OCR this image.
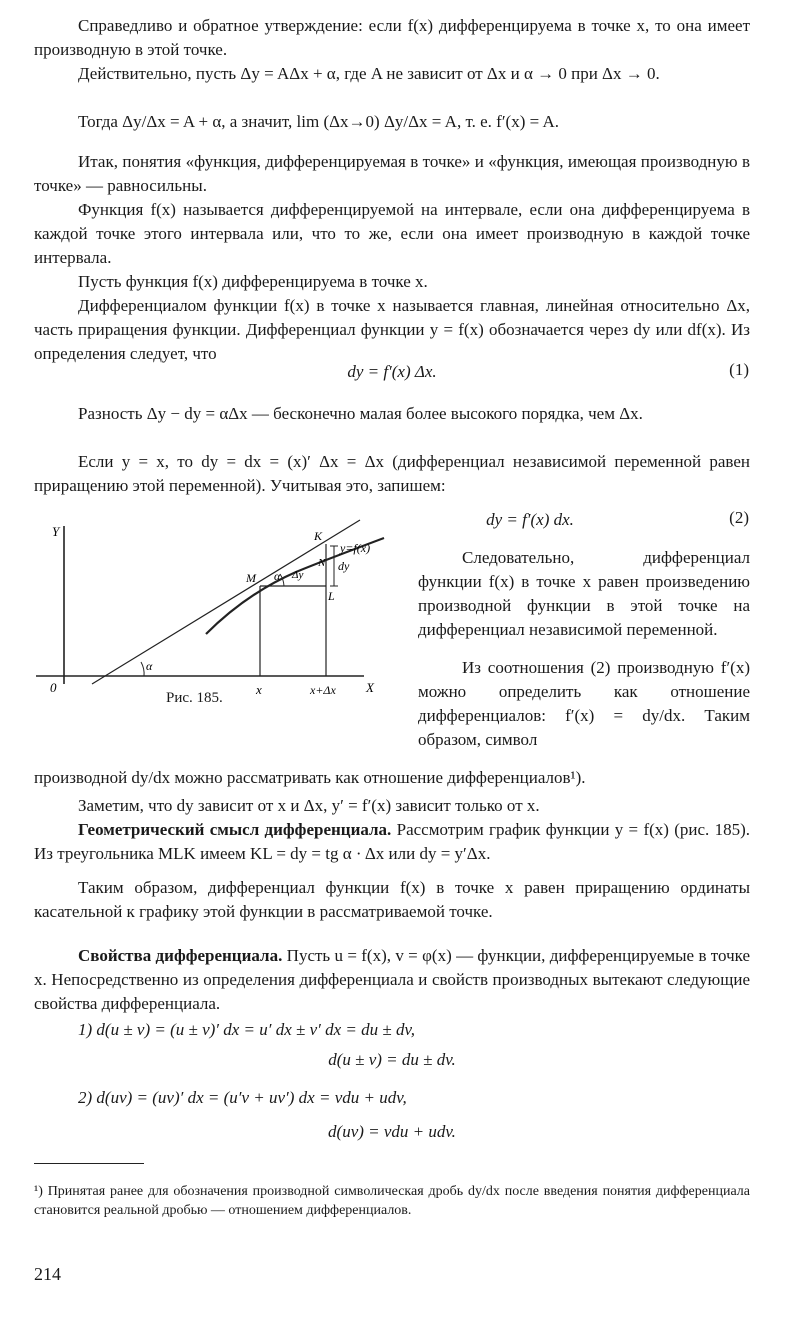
Справедливо и обратное утверждение: если f(x) дифференцируема в точке x, то она имеет производную в этой точке.

Действительно, пусть Δy = AΔx + α, где A не зависит от Δx и α → 0 при Δx → 0.

Тогда Δy/Δx = A + α, а значит, lim (Δx→0) Δy/Δx = A, т. е. f′(x) = A.

Итак, понятия «функция, дифференцируемая в точке» и «функция, имеющая производную в точке» — равносильны.

Функция f(x) называется дифференцируемой на интервале, если она дифференцируема в каждой точке этого интервала или, что то же, если она имеет производную в каждой точке интервала.

Пусть функция f(x) дифференцируема в точке x.

Дифференциалом функции f(x) в точке x называется главная, линейная относительно Δx, часть приращения функции. Дифференциал функции y = f(x) обозначается через dy или df(x). Из определения следует, что

dy = f′(x) Δx.	(1)

Разность Δy − dy = αΔx — бесконечно малая более высокого порядка, чем Δx.

Если y = x, то dy = dx = (x)′ Δx = Δx (дифференциал независимой переменной равен приращению этой переменной). Учитывая это, запишем:

Y
0	X
x	x+Δx
y=f(x)
M
K
N
L
α
α
Δy
dy
Рис. 185.

dy = f′(x) dx.	(2)

Следовательно, дифференциал функции f(x) в точке x равен произведению производной функции в этой точке на дифференциал независимой переменной.

Из соотношения (2) производную f′(x) можно определить как отношение дифференциалов: f′(x) = dy/dx. Таким образом, символ

производной dy/dx можно рассматривать как отношение дифференциалов¹).

Заметим, что dy зависит от x и Δx, y′ = f′(x) зависит только от x.

Геометрический смысл дифференциала. Рассмотрим график функции y = f(x) (рис. 185). Из треугольника MLK имеем KL = dy = tg α · Δx или dy = y′Δx.

Таким образом, дифференциал функции f(x) в точке x равен приращению ординаты касательной к графику этой функции в рассматриваемой точке.

Свойства дифференциала. Пусть u = f(x), v = φ(x) — функции, дифференцируемые в точке x. Непосредственно из определения дифференциала и свойств производных вытекают следующие свойства дифференциала.

1) d(u ± v) = (u ± v)′ dx = u′ dx ± v′ dx = du ± dv,

d(u ± v) = du ± dv.

2) d(uv) = (uv)′ dx = (u′v + uv′) dx = vdu + udv,

d(uv) = vdu + udv.

¹) Принятая ранее для обозначения производной символическая дробь dy/dx после введения понятия дифференциала становится реальной дробью — отношением дифференциалов.

214
